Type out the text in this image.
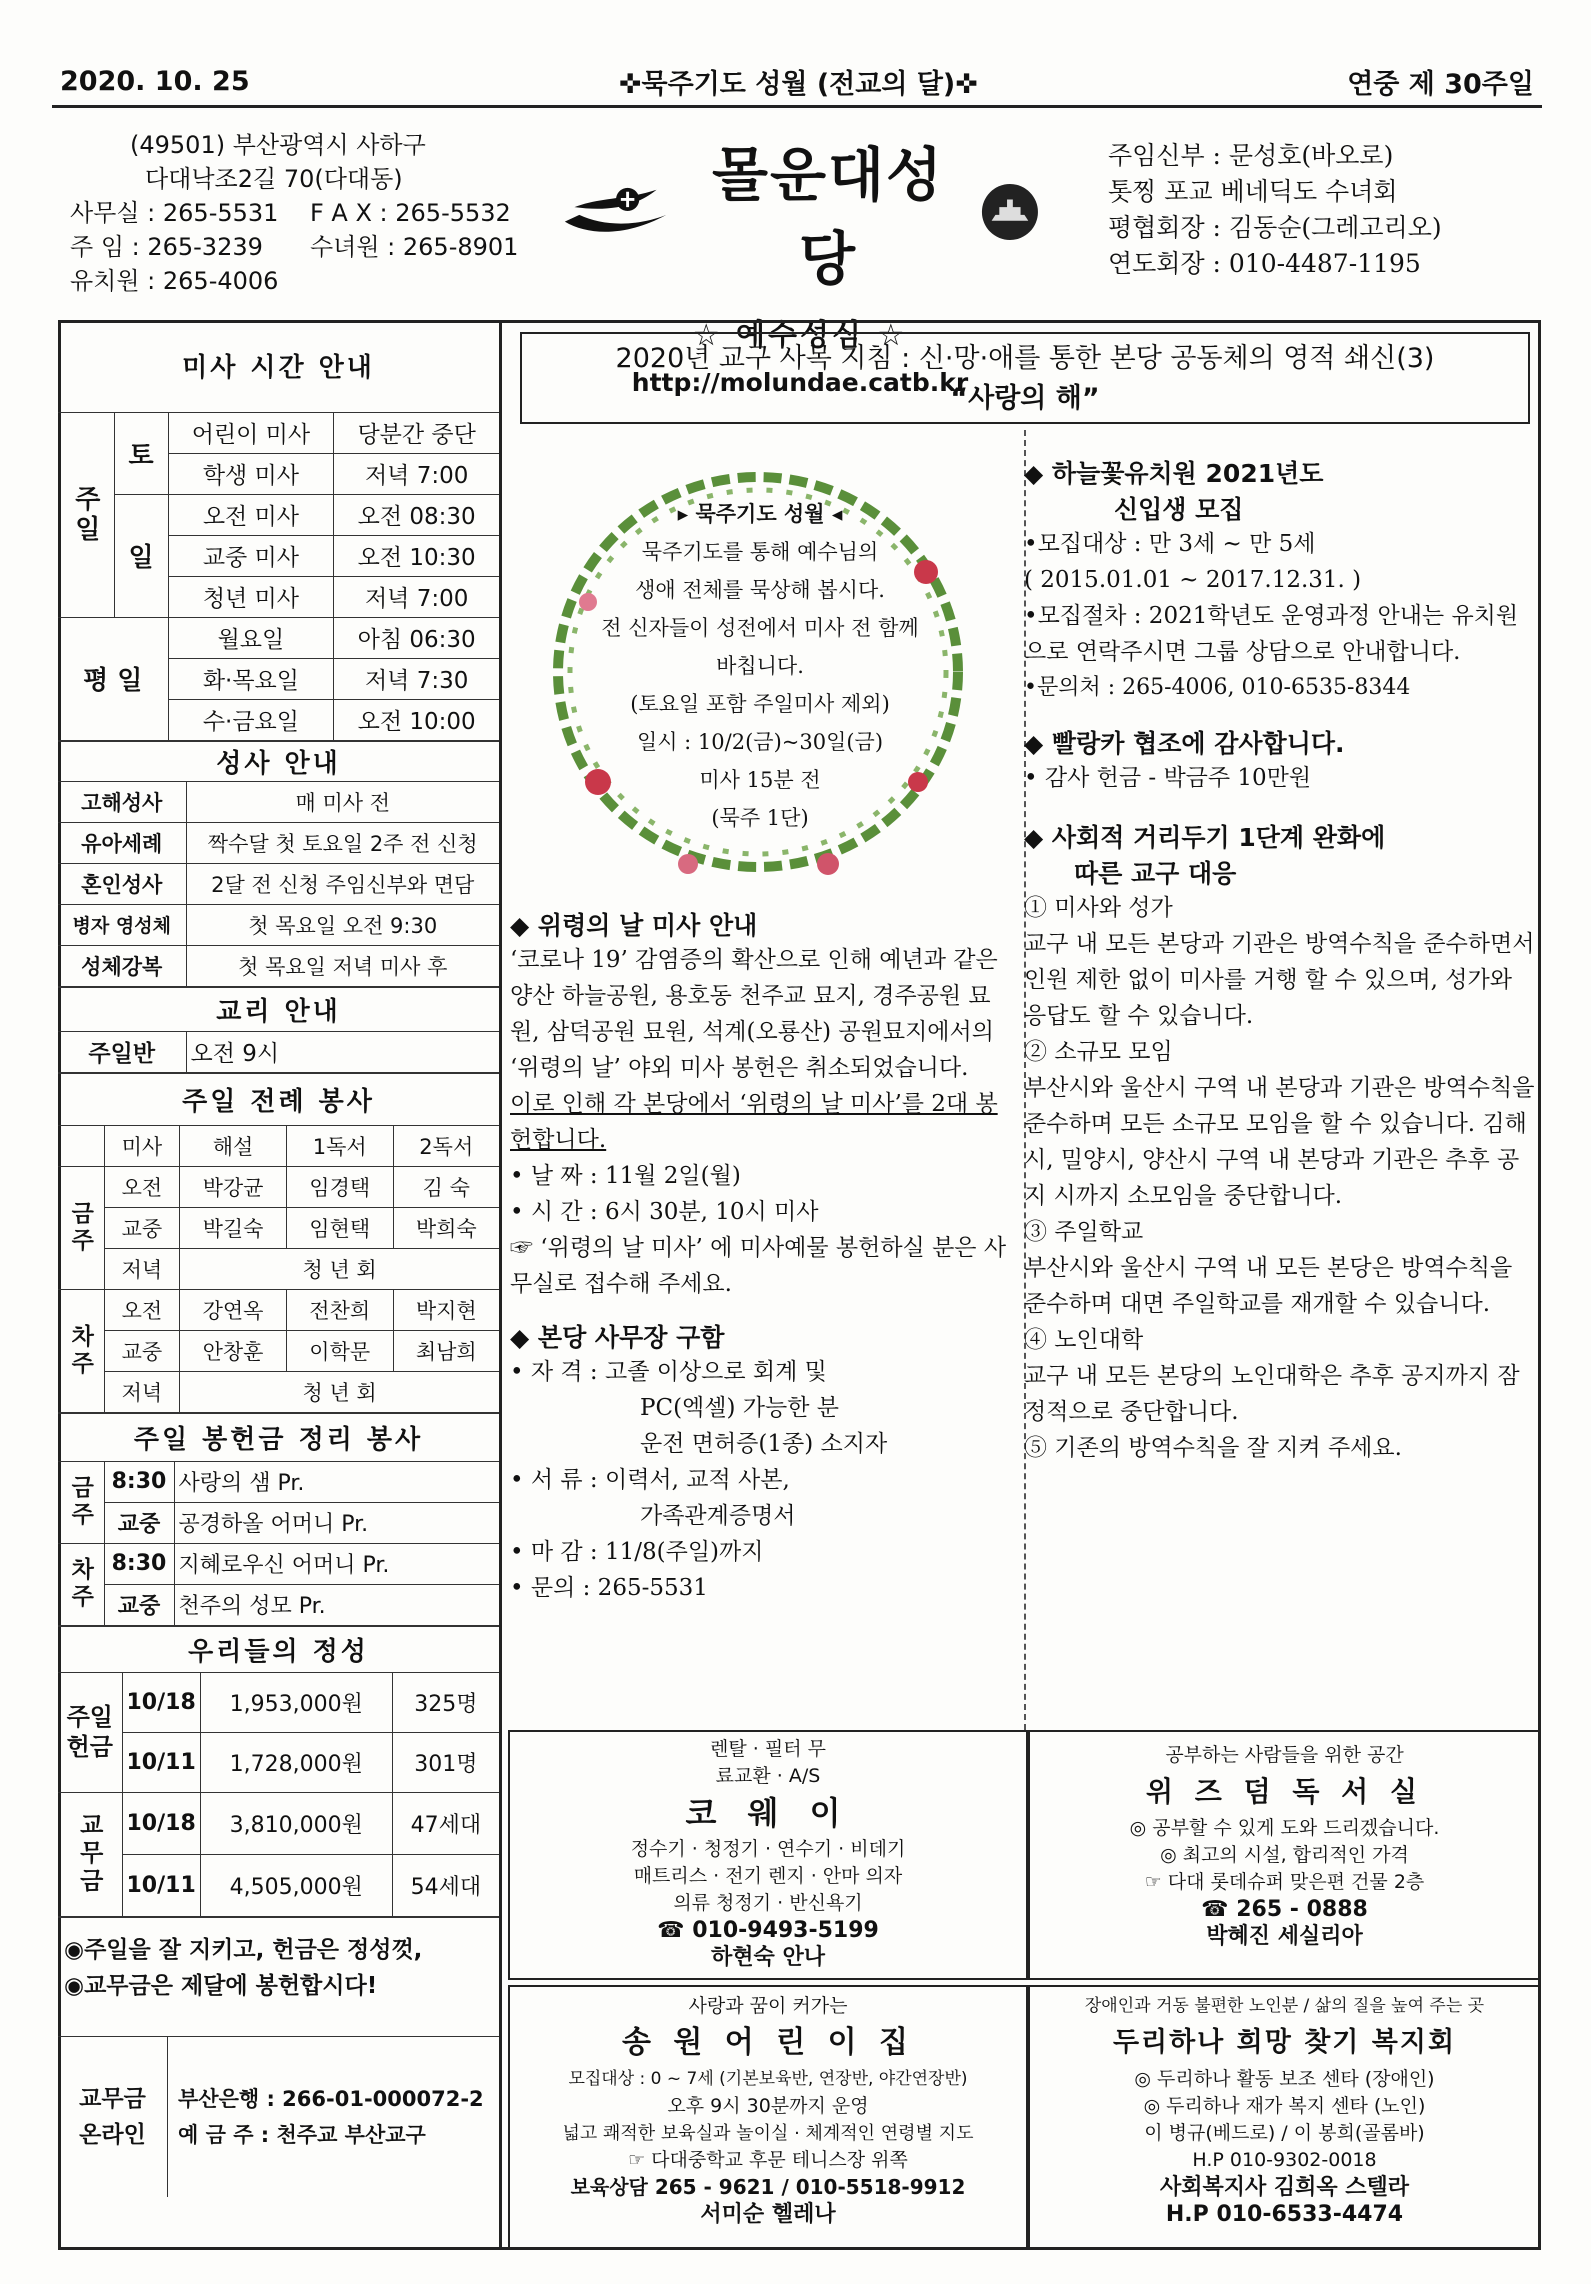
2020. 10. 25	✜묵주기도 성월 (전교의 달)✜	연중 제 30주일
(49501) 부산광역시 사하구
다대낙조2길 70(다대동)
사무실 : 265-5531	F A X : 265-5532
주 임 : 265-3239	수녀원 : 265-8901
유치원 : 265-4006
몰운대성당
☆ 예수성심 ☆
http://molundae.catb.kr
주임신부 : 문성호(바오로)
톳찡 포교 베네딕도 수녀회
평협회장 : 김동순(그레고리오)
연도회장 : 010-4487-1195
미사 시간 안내			
주일	토	어린이 미사	당분간 중단
		학생 미사	저녁 7:00
	일	오전 미사	오전 08:30
		교중 미사	오전 10:30
		청년 미사	저녁 7:00
평 일		월요일	아침 06:30
		화·목요일	저녁 7:30
		수·금요일	오전 10:00
성사 안내	
고해성사	매 미사 전
유아세례	짝수달 첫 토요일 2주 전 신청
혼인성사	2달 전 신청 주임신부와 면담
병자 영성체	첫 목요일 오전 9:30
성체강복	첫 목요일 저녁 미사 후
교리 안내
주일반	오전 9시
주일 전례 봉사				
	미사	해설	1독서	2독서
금주	오전	박강균	임경택	김 숙
	교중	박길숙	임현택	박희숙
	저녁	청 년 회		
차주	오전	강연옥	전찬희	박지현
	교중	안창훈	이학문	최남희
	저녁	청 년 회		
주일 봉헌금 정리 봉사		
금주	8:30	사랑의 샘 Pr.
	교중	공경하올 어머니 Pr.
차주	8:30	지혜로우신 어머니 Pr.
	교중	천주의 성모 Pr.
우리들의 정성			
주일헌금	10/18	1,953,000원	325명
	10/11	1,728,000원	301명
교무금	10/18	3,810,000원	47세대
	10/11	4,505,000원	54세대
◉주일을 잘 지키고, 헌금은 정성껏,
◉교무금은 제달에 봉헌합시다!
교무금
온라인
부산은행 : 266-01-000072-2
예 금 주 : 천주교 부산교구
2020년 교구 사목 지침 : 신·망·애를 통한 본당 공동체의 영적 쇄신(3)
“사랑의 해”
▸ 묵주기도 성월 ◂
묵주기도를 통해 예수님의
생애 전체를 묵상해 봅시다.
전 신자들이 성전에서 미사 전 함께
바칩니다.
(토요일 포함 주일미사 제외)
일시 : 10/2(금)~30일(금)
미사 15분 전
(묵주 1단)
◆ 위령의 날 미사 안내
‘코로나 19’ 감염증의 확산으로 인해 예년과 같은 양산 하늘공원, 용호동 천주교 묘지, 경주공원 묘원, 삼덕공원 묘원, 석계(오룡산) 공원묘지에서의 ‘위령의 날’ 야외 미사 봉헌은 취소되었습니다.
이로 인해 각 본당에서 ‘위령의 날 미사’를 2대 봉헌합니다.
• 날 짜 : 11월 2일(월)
• 시 간 : 6시 30분, 10시 미사
☞ ‘위령의 날 미사’ 에 미사예물 봉헌하실 분은 사무실로 접수해 주세요.
◆ 본당 사무장 구함
• 자 격 : 고졸 이상으로 회계 및
PC(엑셀) 가능한 분
운전 면허증(1종) 소지자
• 서 류 : 이력서, 교적 사본,
가족관계증명서
• 마 감 : 11/8(주일)까지
• 문의 : 265-5531
◆ 하늘꽃유치원 2021년도
신입생 모집
•모집대상 : 만 3세 ~ 만 5세
( 2015.01.01 ~ 2017.12.31. )
•모집절차 : 2021학년도 운영과정 안내는 유치원으로 연락주시면 그룹 상담으로 안내합니다.
•문의처 : 265-4006, 010-6535-8344
◆ 빨랑카 협조에 감사합니다.
• 감사 헌금 - 박금주 10만원
◆ 사회적 거리두기 1단계 완화에
따른 교구 대응
① 미사와 성가
교구 내 모든 본당과 기관은 방역수칙을 준수하면서 인원 제한 없이 미사를 거행 할 수 있으며, 성가와 응답도 할 수 있습니다.
② 소규모 모임
부산시와 울산시 구역 내 본당과 기관은 방역수칙을 준수하며 모든 소규모 모임을 할 수 있습니다. 김해시, 밀양시, 양산시 구역 내 본당과 기관은 추후 공지 시까지 소모임을 중단합니다.
③ 주일학교
부산시와 울산시 구역 내 모든 본당은 방역수칙을 준수하며 대면 주일학교를 재개할 수 있습니다.
④ 노인대학
교구 내 모든 본당의 노인대학은 추후 공지까지 잠정적으로 중단합니다.
⑤ 기존의 방역수칙을 잘 지켜 주세요.
렌탈 · 필터 무
료교환 · A/S
코 웨 이
정수기 · 청정기 · 연수기 · 비데기
매트리스 · 전기 렌지 · 안마 의자
의류 청정기 · 반신욕기
☎ 010-9493-5199
하현숙 안나
공부하는 사람들을 위한 공간
위 즈 덤 독 서 실
◎ 공부할 수 있게 도와 드리겠습니다.
◎ 최고의 시설, 합리적인 가격
☞ 다대 롯데슈퍼 맞은편 건물 2층
☎ 265 - 0888
박혜진 세실리아
사랑과 꿈이 커가는
송 원 어 린 이 집
모집대상 : 0 ~ 7세 (기본보육반, 연장반, 야간연장반)
오후 9시 30분까지 운영
넓고 쾌적한 보육실과 놀이실 · 체계적인 연령별 지도
☞ 다대중학교 후문 테니스장 위쪽
보육상담 265 - 9621 / 010-5518-9912
서미순 헬레나
장애인과 거동 불편한 노인분 / 삶의 질을 높여 주는 곳
두리하나 희망 찾기 복지회
◎ 두리하나 활동 보조 센타 (장애인)
◎ 두리하나 재가 복지 센타 (노인)
이 병규(베드로) / 이 봉희(골롬바)
H.P 010-9302-0018
사회복지사 김희옥 스텔라
H.P 010-6533-4474
